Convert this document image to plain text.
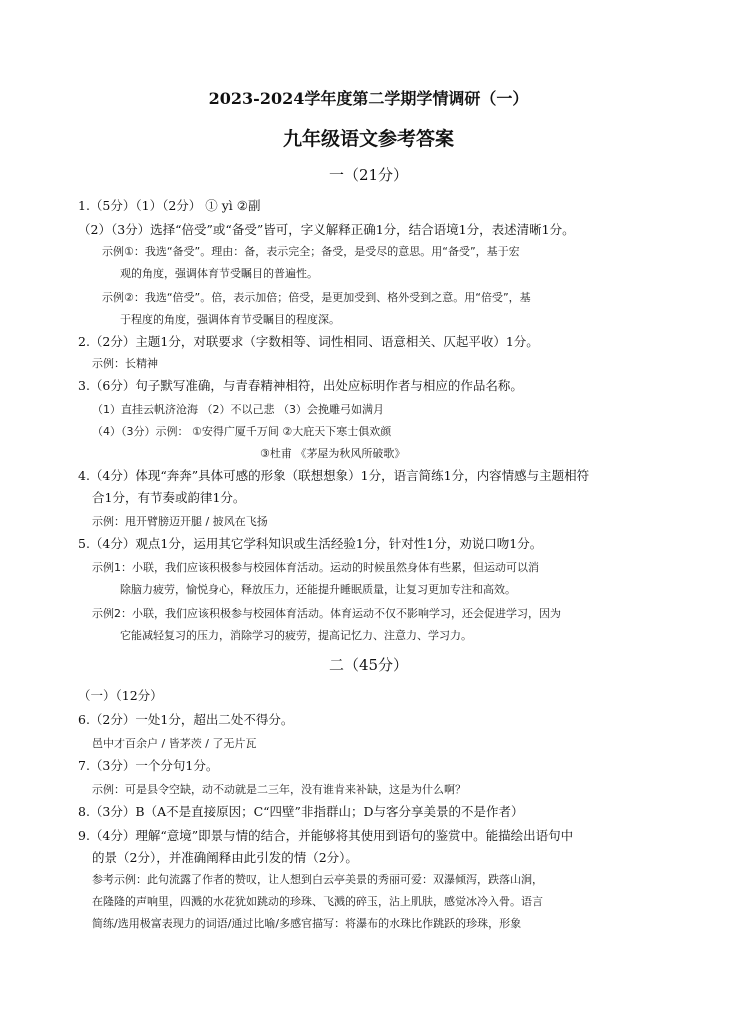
2023-2024学年度第二学期学情调研（一）
九年级语文参考答案
一（21分）
1.（5分）（1）（2分） ① yì ②副
（2）（3分）选择“倍受”或“备受”皆可，字义解释正确1分，结合语境1分，表述清晰1分。
示例①：我选“备受”。理由：备，表示完全；备受，是受尽的意思。用“备受”，基于宏
观的角度，强调体育节受瞩目的普遍性。
示例②：我选“倍受”。倍，表示加倍；倍受，是更加受到、格外受到之意。用“倍受”，基
于程度的角度，强调体育节受瞩目的程度深。
2.（2分）主题1分，对联要求（字数相等、词性相同、语意相关、仄起平收）1分。
示例：长精神
3.（6分）句子默写准确，与青春精神相符，出处应标明作者与相应的作品名称。
（1）直挂云帆济沧海 （2）不以己悲 （3）会挽雕弓如满月
（4）（3分）示例： ①安得广厦千万间 ②大庇天下寒士俱欢颜
③杜甫 《茅屋为秋风所破歌》
4.（4分）体现“奔奔”具体可感的形象（联想想象）1分，语言简练1分，内容情感与主题相符
合1分，有节奏或韵律1分。
示例：甩开臂膀迈开腿 / 披风在飞扬
5.（4分）观点1分，运用其它学科知识或生活经验1分，针对性1分，劝说口吻1分。
示例1：小联，我们应该积极参与校园体育活动。运动的时候虽然身体有些累，但运动可以消
除脑力疲劳，愉悦身心，释放压力，还能提升睡眠质量，让复习更加专注和高效。
示例2：小联，我们应该积极参与校园体育活动。体育运动不仅不影响学习，还会促进学习，因为
它能减轻复习的压力，消除学习的疲劳，提高记忆力、注意力、学习力。
二（45分）
（一）（12分）
6.（2分）一处1分，超出二处不得分。
邑中才百余户 / 皆茅茨 / 了无片瓦
7.（3分）一个分句1分。
示例：可是县令空缺，动不动就是二三年，没有谁肯来补缺，这是为什么啊？
8.（3分）B（A不是直接原因；C“四壁”非指群山；D与客分享美景的不是作者）
9.（4分）理解“意境”即景与情的结合，并能够将其使用到语句的鉴赏中。能描绘出语句中
的景（2分），并准确阐释由此引发的情（2分）。
参考示例：此句流露了作者的赞叹，让人想到白云亭美景的秀丽可爱：双瀑倾泻，跌落山涧，
在隆隆的声响里，四溅的水花犹如跳动的珍珠、飞溅的碎玉，沾上肌肤，感觉冰冷入骨。语言
简练/选用极富表现力的词语/通过比喻/多感官描写：将瀑布的水珠比作跳跃的珍珠，形象
